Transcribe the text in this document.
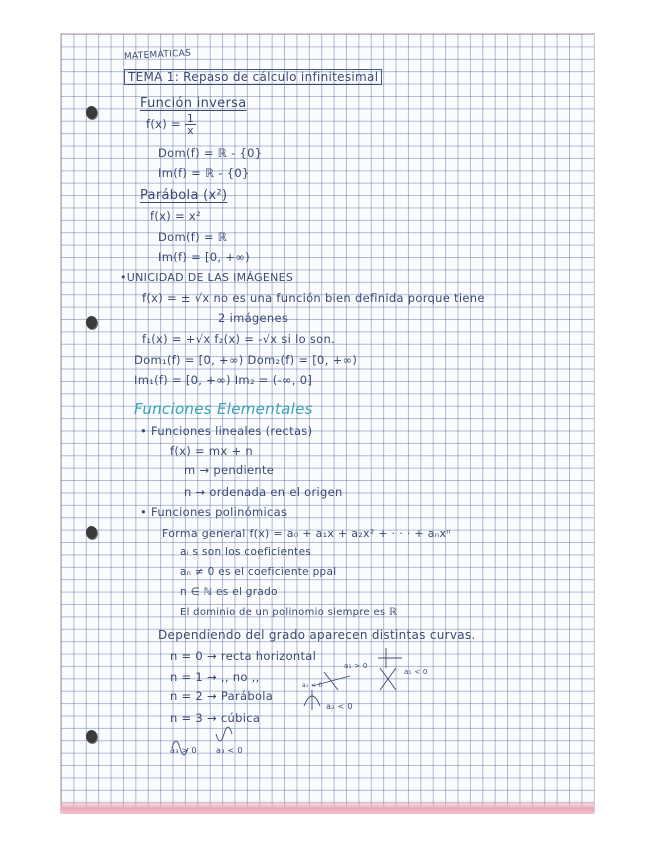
MATEMÁTICAS
TEMA 1: Repaso de cálculo infinitesimal
Función inversa
$f(x) = \frac{1}{x}$
Dom(f) = ℝ - {0}
Im(f) = ℝ - {0}
Parábola (x²)
f(x) = x²
Dom(f) = ℝ
Im(f) = [0, +∞)
•UNICIDAD DE LAS IMÁGENES
f(x) = ± √x no es una función bien definida porque tiene
2 imágenes
f₁(x) = +√x f₂(x) = -√x si lo son.
Dom₁(f) = [0, +∞) Dom₂(f) = [0, +∞)
Im₁(f) = [0, +∞) Im₂ = (-∞, 0]
Funciones Elementales
• Funciones lineales (rectas)
f(x) = mx + n
m → pendiente
n → ordenada en el origen
• Funciones polinómicas
Forma general f(x) = a₀ + a₁x + a₂x² + · · · + aₙxⁿ
aᵢ s son los coeficientes
aₙ ≠ 0 es el coeficiente ppal
n ∈ ℕ es el grado
El dominio de un polinomio siempre es ℝ
Dependiendo del grado aparecen distintas curvas.
n = 0 → recta horizontal
n = 1 → ,, no ,,
n = 2 → Parábola
n = 3 → cúbica
a₁ > 0
a₁ < 0
a₁ < 0
a₂ < 0
a₃ > 0 a₃ < 0
